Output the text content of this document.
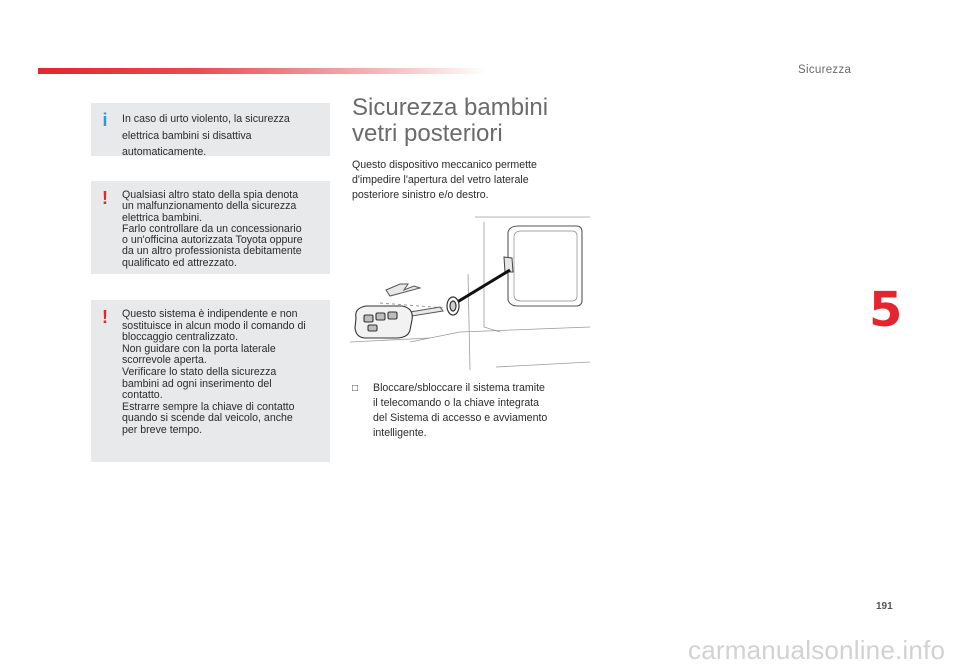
Sicurezza
5
i In caso di urto violento, la sicurezza
elettrica bambini si disattiva
automaticamente.

! Qualsiasi altro stato della spia denota
un malfunzionamento della sicurezza
elettrica bambini.
Farlo controllare da un concessionario
o un'officina autorizzata Toyota oppure
da un altro professionista debitamente
qualificato ed attrezzato.

! Questo sistema è indipendente e non
sostituisce in alcun modo il comando di
bloccaggio centralizzato.
Non guidare con la porta laterale
scorrevole aperta.
Verificare lo stato della sicurezza
bambini ad ogni inserimento del
contatto.
Estrarre sempre la chiave di contatto
quando si scende dal veicolo, anche
per breve tempo.

Sicurezza bambini
vetri posteriori

Questo dispositivo meccanico permette
d'impedire l'apertura del vetro laterale
posteriore sinistro e/o destro.

□ Bloccare/sbloccare il sistema tramite
il telecomando o la chiave integrata
del Sistema di accesso e avviamento
intelligente.

191
carmanualsonline.info
